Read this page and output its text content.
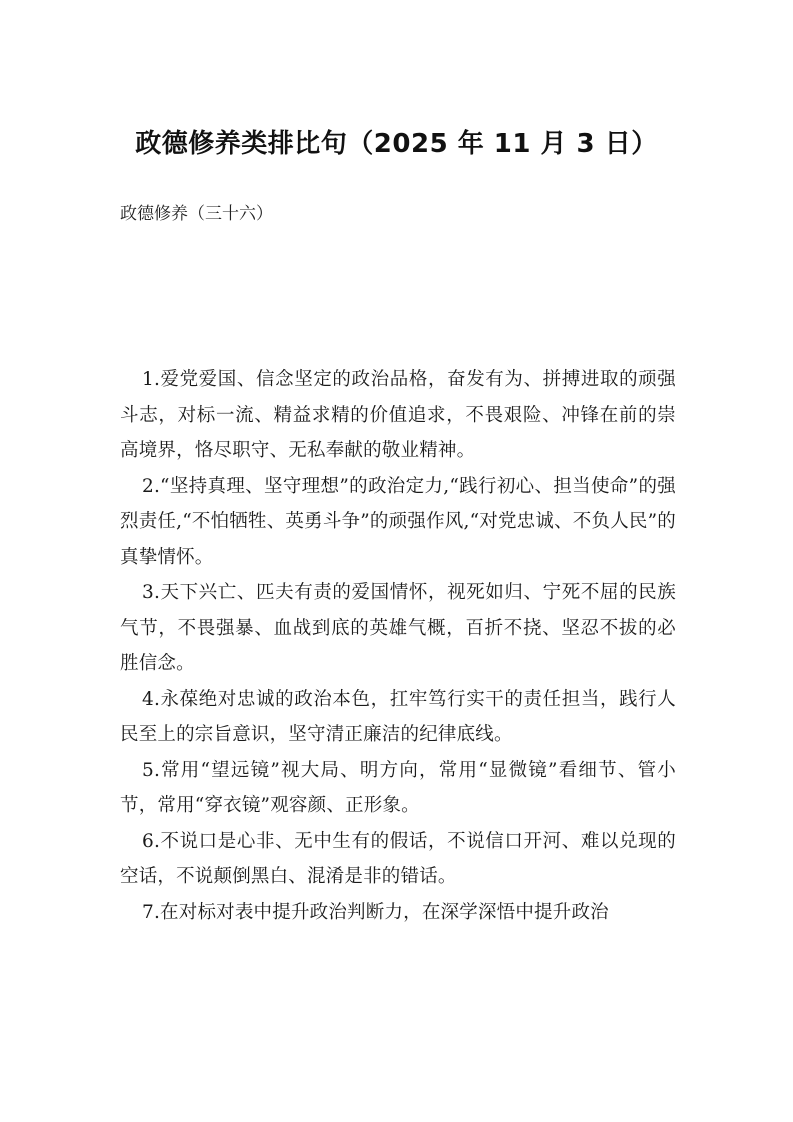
政德修养类排比句（2025 年 11 月 3 日）

政德修养（三十六）

1.爱党爱国、信念坚定的政治品格，奋发有为、拼搏进取的顽强斗志，对标一流、精益求精的价值追求，不畏艰险、冲锋在前的崇高境界，恪尽职守、无私奉献的敬业精神。

2.“坚持真理、坚守理想”的政治定力,“践行初心、担当使命”的强烈责任,“不怕牺牲、英勇斗争”的顽强作风,“对党忠诚、不负人民”的真挚情怀。

3.天下兴亡、匹夫有责的爱国情怀，视死如归、宁死不屈的民族气节，不畏强暴、血战到底的英雄气概，百折不挠、坚忍不拔的必胜信念。

4.永葆绝对忠诚的政治本色，扛牢笃行实干的责任担当，践行人民至上的宗旨意识，坚守清正廉洁的纪律底线。

5.常用“望远镜”视大局、明方向，常用“显微镜”看细节、管小节，常用“穿衣镜”观容颜、正形象。

6.不说口是心非、无中生有的假话，不说信口开河、难以兑现的空话，不说颠倒黑白、混淆是非的错话。

7.在对标对表中提升政治判断力，在深学深悟中提升政治
